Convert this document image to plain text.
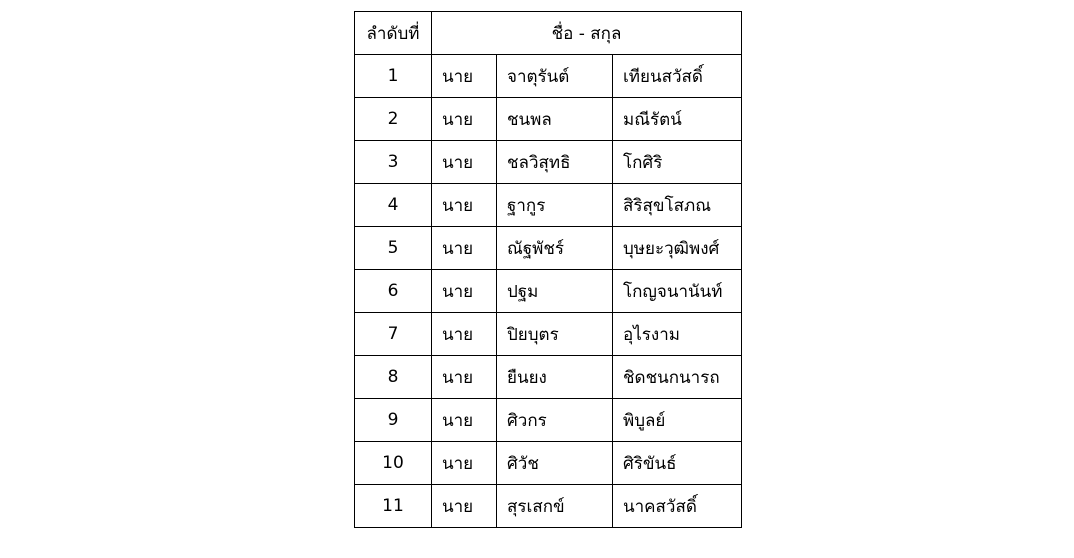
ลำดับที่	ชื่อ - สกุล		
1	นาย	จาตุรันต์	เทียนสวัสดิ์
2	นาย	ชนพล	มณีรัตน์
3	นาย	ชลวิสุทธิ	โกศิริ
4	นาย	ฐากูร	สิริสุขโสภณ
5	นาย	ณัฐพัชร์	บุษยะวุฒิพงศ์
6	นาย	ปฐม	โกญจนานันท์
7	นาย	ปิยบุตร	อุไรงาม
8	นาย	ยืนยง	ชิดชนกนารถ
9	นาย	ศิวกร	พิบูลย์
10	นาย	ศิวัช	ศิริขันธ์
11	นาย	สุรเสกข์	นาคสวัสดิ์
